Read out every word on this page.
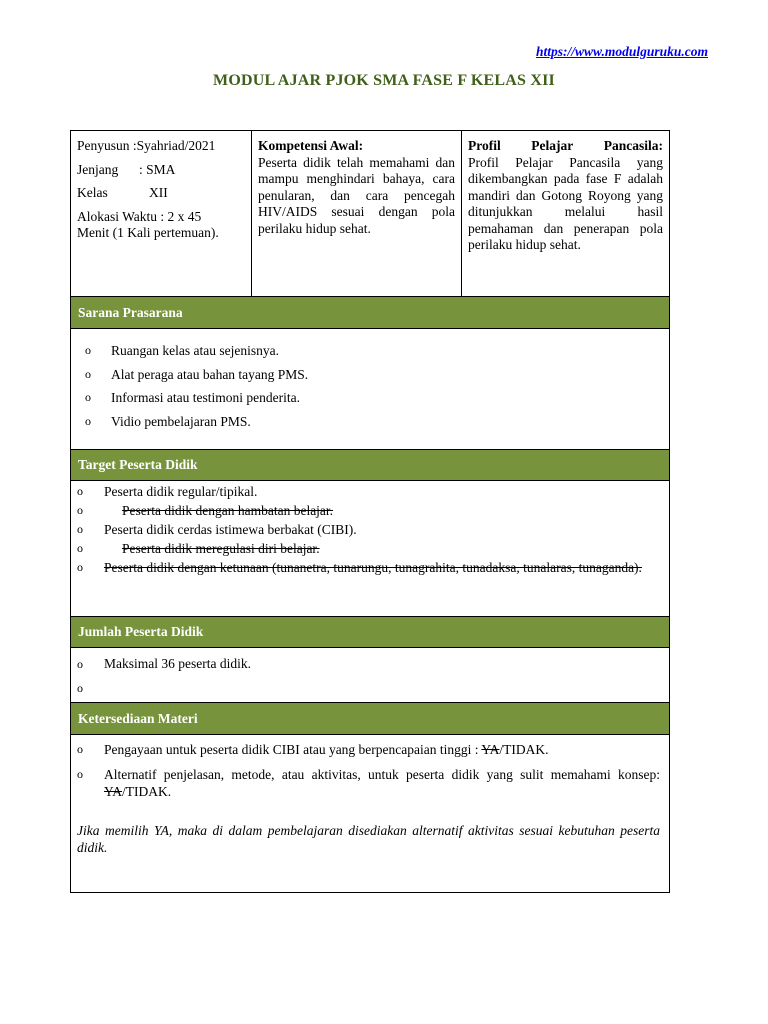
https://www.modulguruku.com
MODUL AJAR PJOK SMA FASE F KELAS XII
Penyusun :Syahriad/2021
Jenjang	: SMA
Kelas	XII
Alokasi Waktu : 2 x 45
Menit (1 Kali pertemuan).
Kompetensi Awal:
Peserta didik telah memahami dan mampu menghindari bahaya, cara penularan, dan cara pencegah HIV/AIDS sesuai dengan pola perilaku hidup sehat.
Profil Pelajar Pancasila:
Profil Pelajar Pancasila yang dikembangkan pada fase F adalah mandiri dan Gotong Royong yang ditunjukkan melalui hasil pemahaman dan penerapan pola perilaku hidup sehat.
Sarana Prasarana
o	Ruangan kelas atau sejenisnya.
o	Alat peraga atau bahan tayang PMS.
o	Informasi atau testimoni penderita.
o	Vidio pembelajaran PMS.
Target Peserta Didik
o	Peserta didik regular/tipikal.
o	Peserta didik dengan hambatan belajar.
o	Peserta didik cerdas istimewa berbakat (CIBI).
o	Peserta didik meregulasi diri belajar.
o	Peserta didik dengan ketunaan (tunanetra, tunarungu, tunagrahita, tunadaksa, tunalaras, tunaganda).
Jumlah Peserta Didik
o	Maksimal 36 peserta didik.
o
Ketersediaan Materi
o	Pengayaan untuk peserta didik CIBI atau yang berpencapaian tinggi : YA/TIDAK.
o	Alternatif penjelasan, metode, atau aktivitas, untuk peserta didik yang sulit memahami konsep: YA/TIDAK.
Jika memilih YA, maka di dalam pembelajaran disediakan alternatif aktivitas sesuai kebutuhan peserta didik.
